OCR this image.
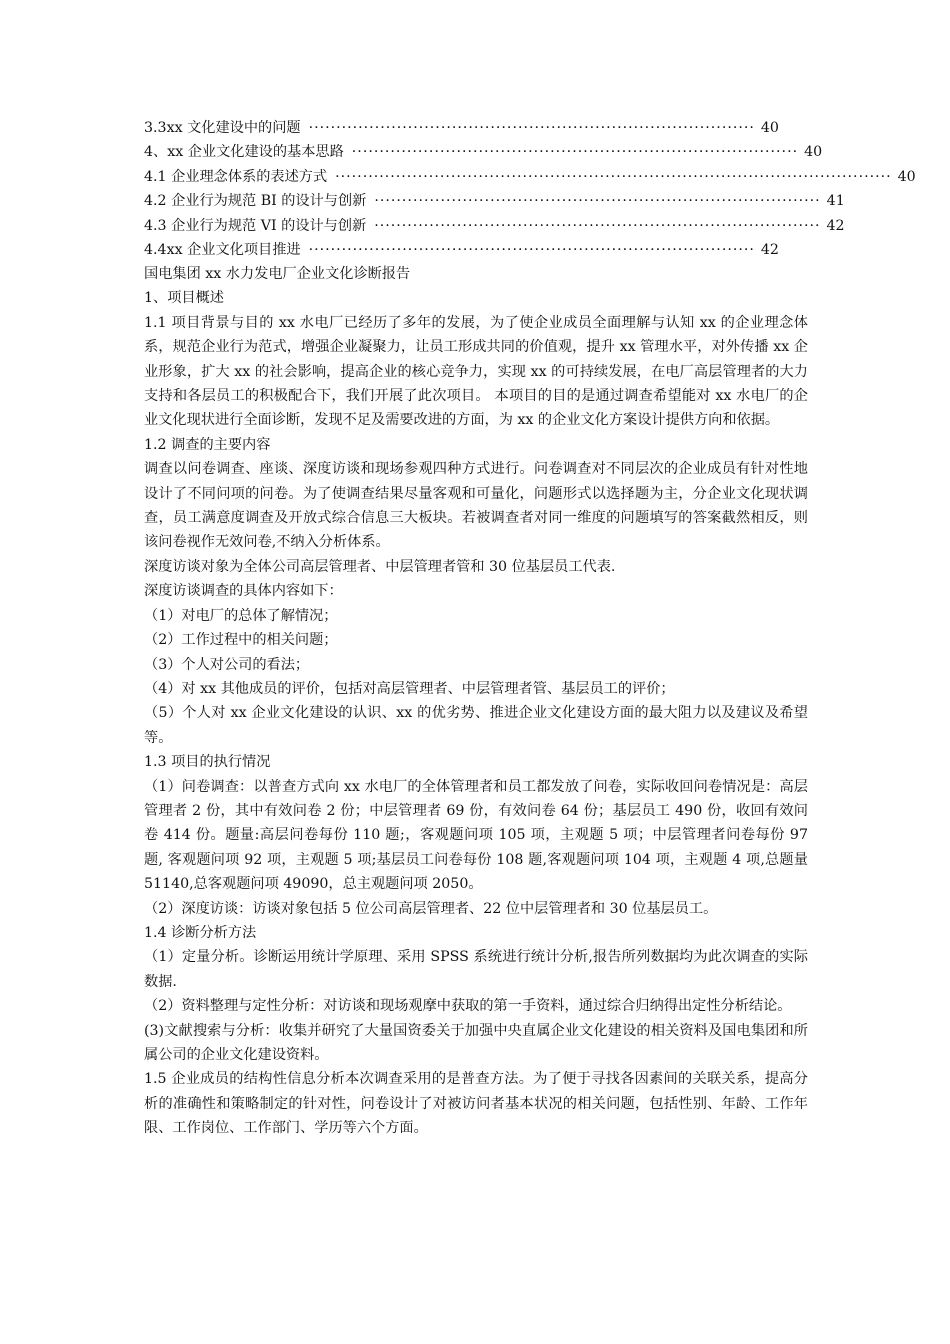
3.3xx 文化建设中的问题 ················································································· 40
4、xx 企业文化建设的基本思路 ················································································· 40
4.1 企业理念体系的表述方式 ····································································································· 40
4.2 企业行为规范 BI 的设计与创新 ················································································· 41
4.3 企业行为规范 VI 的设计与创新 ················································································· 42
4.4xx 企业文化项目推进 ················································································· 42

国电集团 xx 水力发电厂企业文化诊断报告

1、项目概述

1.1 项目背景与目的 xx 水电厂已经历了多年的发展，为了使企业成员全面理解与认知 xx 的企业理念体系，规范企业行为范式，增强企业凝聚力，让员工形成共同的价值观，提升 xx 管理水平，对外传播 xx 企业形象，扩大 xx 的社会影响，提高企业的核心竞争力，实现 xx 的可持续发展，在电厂高层管理者的大力支持和各层员工的积极配合下，我们开展了此次项目。 本项目的目的是通过调查希望能对 xx 水电厂的企业文化现状进行全面诊断，发现不足及需要改进的方面，为 xx 的企业文化方案设计提供方向和依据。

1.2 调查的主要内容

调查以问卷调查、座谈、深度访谈和现场参观四种方式进行。问卷调查对不同层次的企业成员有针对性地设计了不同问项的问卷。为了使调查结果尽量客观和可量化，问题形式以选择题为主，分企业文化现状调查，员工满意度调查及开放式综合信息三大板块。若被调查者对同一维度的问题填写的答案截然相反，则该问卷视作无效问卷,不纳入分析体系。

深度访谈对象为全体公司高层管理者、中层管理者管和 30 位基层员工代表.

深度访谈调查的具体内容如下：

（1）对电厂的总体了解情况；

（2）工作过程中的相关问题；

（3）个人对公司的看法；

（4）对 xx 其他成员的评价，包括对高层管理者、中层管理者管、基层员工的评价；

（5）个人对 xx 企业文化建设的认识、xx 的优劣势、推进企业文化建设方面的最大阻力以及建议及希望等。

1.3 项目的执行情况

（1）问卷调查：以普查方式向 xx 水电厂的全体管理者和员工都发放了问卷，实际收回问卷情况是：高层管理者 2 份，其中有效问卷 2 份；中层管理者 69 份，有效问卷 64 份；基层员工 490 份，收回有效问卷 414 份。题量:高层问卷每份 110 题;，客观题问项 105 项，主观题 5 项；中层管理者问卷每份 97 题, 客观题问项 92 项，主观题 5 项;基层员工问卷每份 108 题,客观题问项 104 项，主观题 4 项,总题量 51140,总客观题问项 49090，总主观题问项 2050。

（2）深度访谈：访谈对象包括 5 位公司高层管理者、22 位中层管理者和 30 位基层员工。

1.4 诊断分析方法

（1）定量分析。诊断运用统计学原理、采用 SPSS 系统进行统计分析,报告所列数据均为此次调查的实际数据.

（2）资料整理与定性分析：对访谈和现场观摩中获取的第一手资料，通过综合归纳得出定性分析结论。

(3)文献搜索与分析：收集并研究了大量国资委关于加强中央直属企业文化建设的相关资料及国电集团和所属公司的企业文化建设资料。

1.5 企业成员的结构性信息分析本次调查采用的是普查方法。为了便于寻找各因素间的关联关系，提高分析的准确性和策略制定的针对性，问卷设计了对被访问者基本状况的相关问题，包括性别、年龄、工作年限、工作岗位、工作部门、学历等六个方面。
